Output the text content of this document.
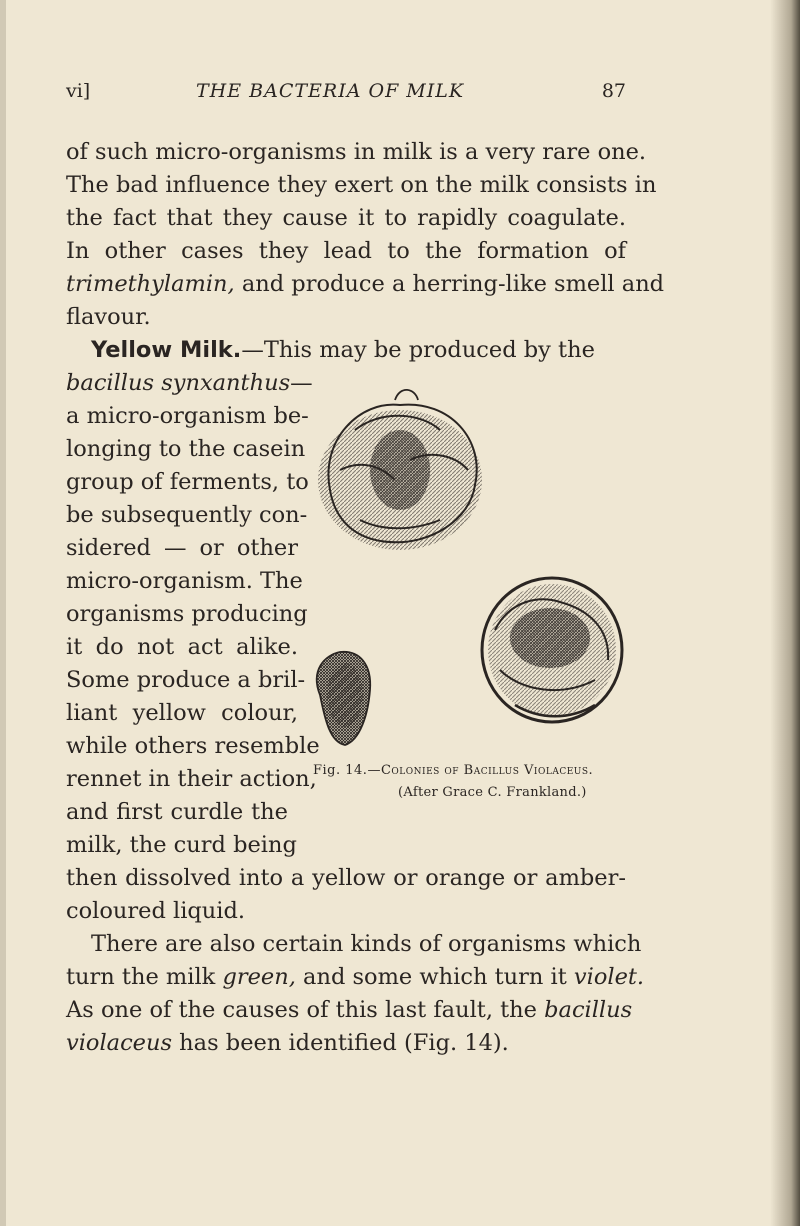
vi]	THE BACTERIA OF MILK	87
of such micro-organisms in milk is a very rare one.
The bad influence they exert on the milk consists in
the fact that they cause it to rapidly coagulate.
In other cases they lead to the formation of
trimethylamin, and produce a herring-like smell and
flavour.
Yellow Milk.—This may be produced by the
bacillus synxanthus—
a micro-organism be-
longing to the casein
group of ferments, to
be subsequently con-
sidered — or other
micro-organism. The
organisms producing
it do not act alike.
Some produce a bril-
liant yellow colour,
while others resemble
rennet in their action,
and first curdle the
milk, the curd being
then dissolved into a yellow or orange or amber-
coloured liquid.
There are also certain kinds of organisms which
turn the milk green, and some which turn it violet.
As one of the causes of this last fault, the bacillus
violaceus has been identified (Fig. 14).
Fig. 14.—Colonies of Bacillus Violaceus.
(After Grace C. Frankland.)
